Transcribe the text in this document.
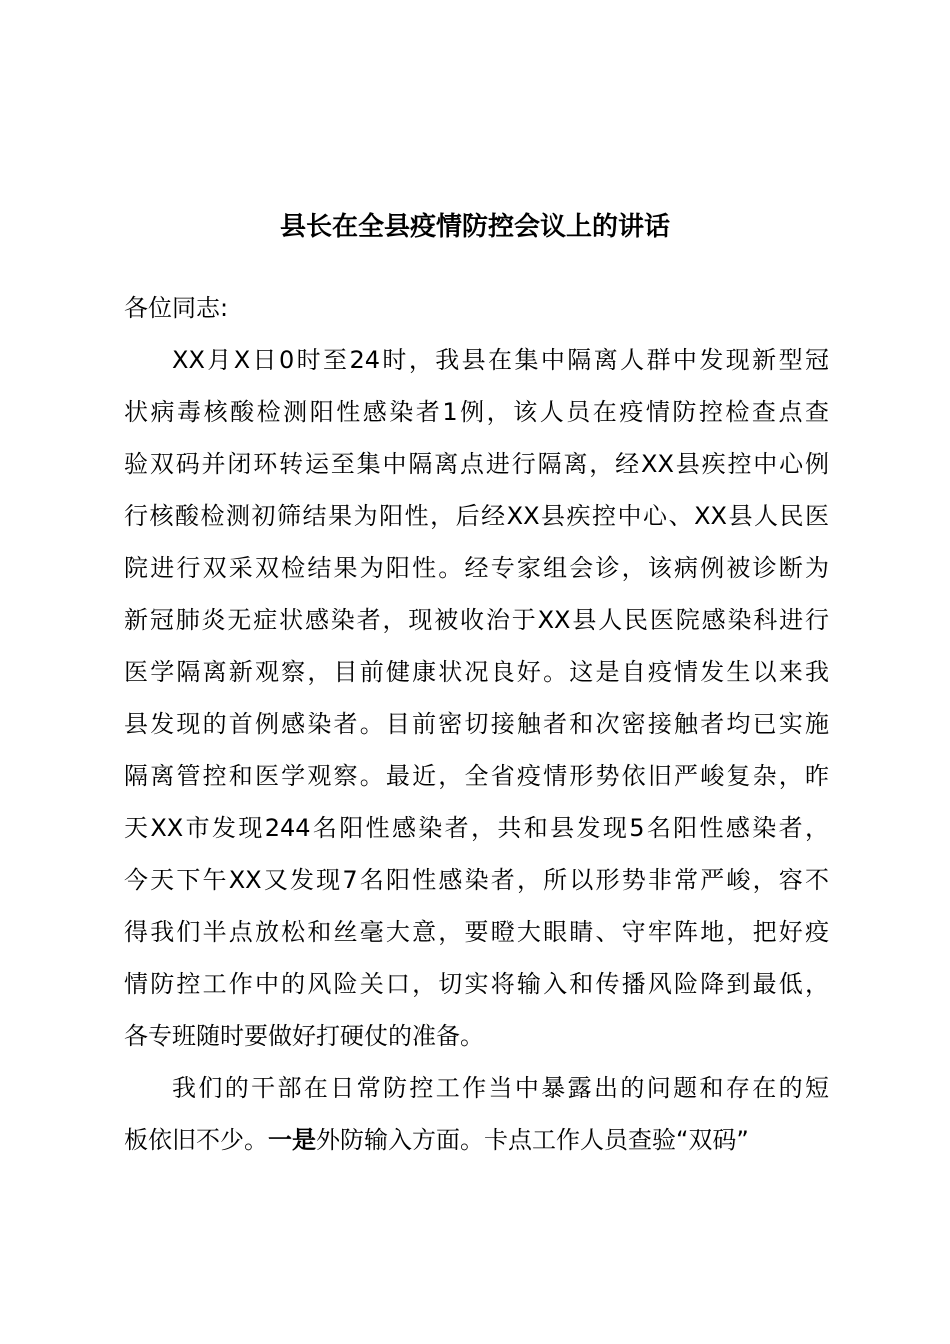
县长在全县疫情防控会议上的讲话
各位同志:
XX月X日0时至24时，我县在集中隔离人群中发现新型冠
状病毒核酸检测阳性感染者1例，该人员在疫情防控检查点查
验双码并闭环转运至集中隔离点进行隔离，经XX县疾控中心例
行核酸检测初筛结果为阳性，后经XX县疾控中心、XX县人民医
院进行双采双检结果为阳性。经专家组会诊，该病例被诊断为
新冠肺炎无症状感染者，现被收治于XX县人民医院感染科进行
医学隔离新观察，目前健康状况良好。这是自疫情发生以来我
县发现的首例感染者。目前密切接触者和次密接触者均已实施
隔离管控和医学观察。最近，全省疫情形势依旧严峻复杂，昨
天XX市发现244名阳性感染者，共和县发现5名阳性感染者，
今天下午XX又发现7名阳性感染者，所以形势非常严峻，容不
得我们半点放松和丝毫大意，要瞪大眼睛、守牢阵地，把好疫
情防控工作中的风险关口，切实将输入和传播风险降到最低，
各专班随时要做好打硬仗的准备。
我们的干部在日常防控工作当中暴露出的问题和存在的短
板依旧不少。一是外防输入方面。卡点工作人员查验“双码”
